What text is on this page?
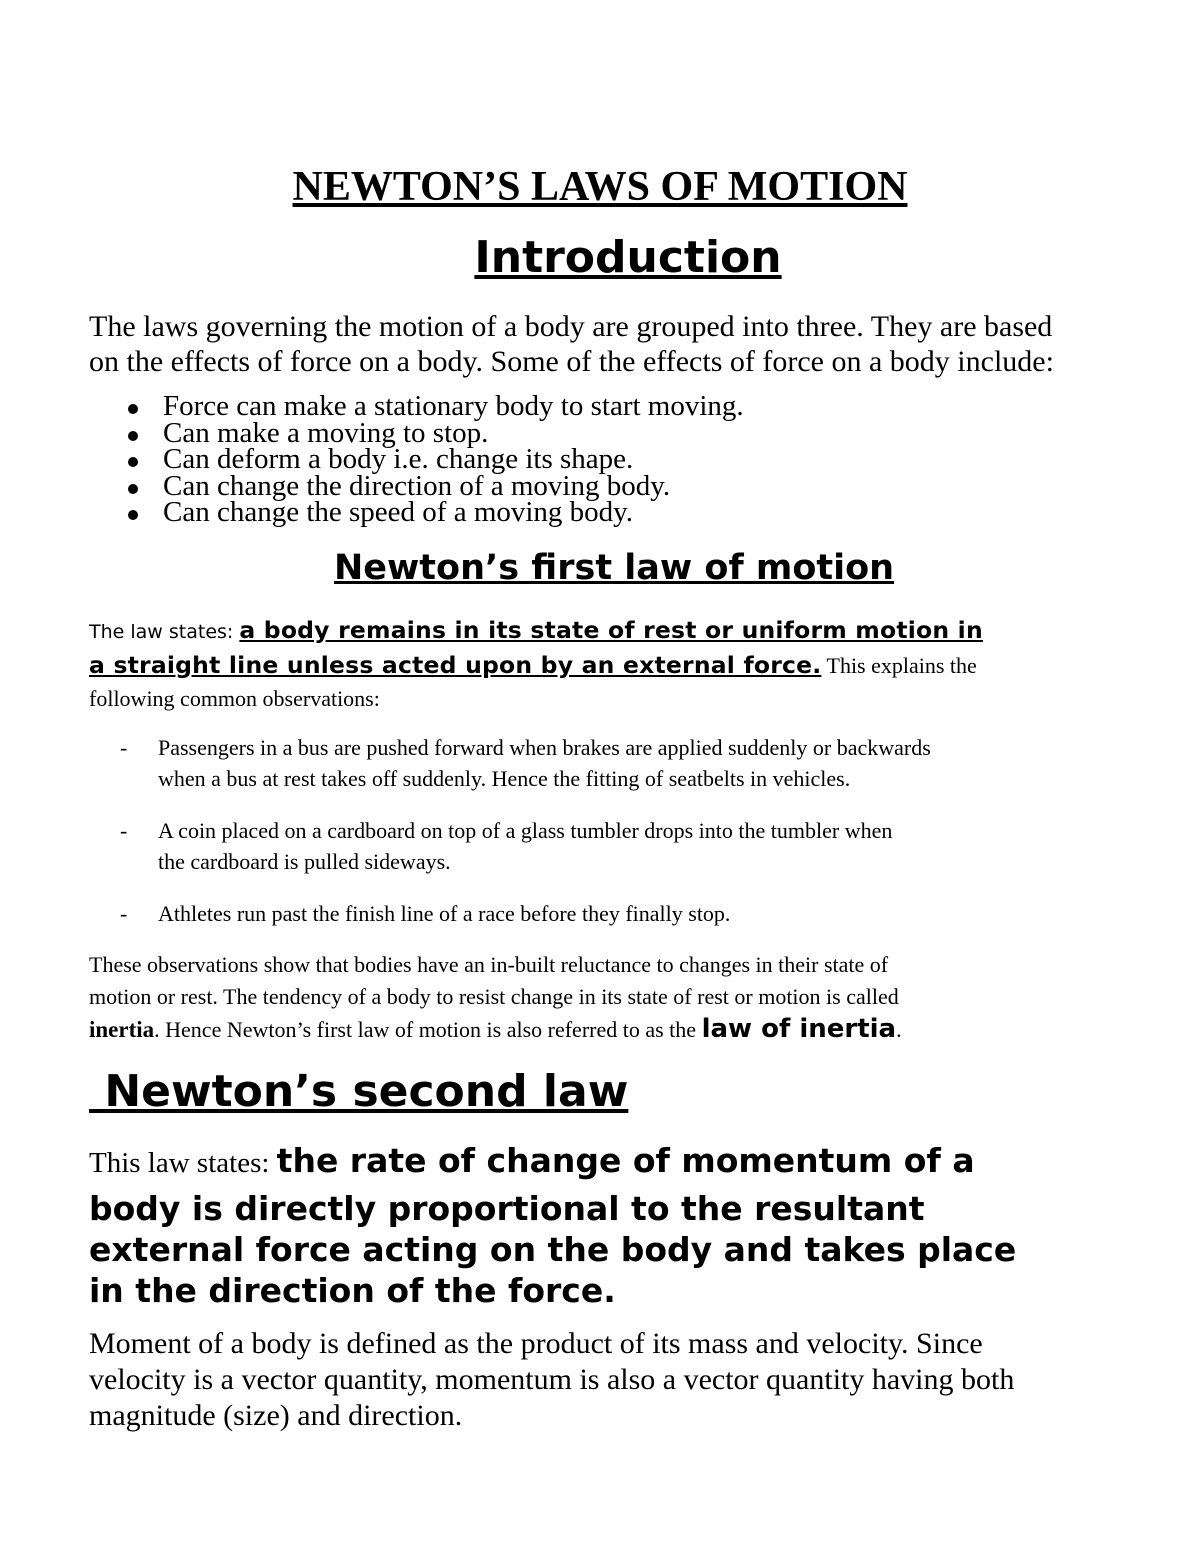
NEWTON’S LAWS OF MOTION
Introduction
The laws governing the motion of a body are grouped into three. They are based
on the effects of force on a body. Some of the effects of force on a body include:
Force can make a stationary body to start moving.
Can make a moving to stop.
Can deform a body i.e. change its shape.
Can change the direction of a moving body.
Can change the speed of a moving body.
Newton’s first law of motion
The law states: a body remains in its state of rest or uniform motion in
a straight line unless acted upon by an external force. This explains the
following common observations:
- Passengers in a bus are pushed forward when brakes are applied suddenly or backwards
when a bus at rest takes off suddenly. Hence the fitting of seatbelts in vehicles.
- A coin placed on a cardboard on top of a glass tumbler drops into the tumbler when
the cardboard is pulled sideways.
- Athletes run past the finish line of a race before they finally stop.
These observations show that bodies have an in-built reluctance to changes in their state of
motion or rest. The tendency of a body to resist change in its state of rest or motion is called
inertia. Hence Newton’s first law of motion is also referred to as the law of inertia.
Newton’s second law
This law states: the rate of change of momentum of a
body is directly proportional to the resultant
external force acting on the body and takes place
in the direction of the force.
Moment of a body is defined as the product of its mass and velocity. Since
velocity is a vector quantity, momentum is also a vector quantity having both
magnitude (size) and direction.
